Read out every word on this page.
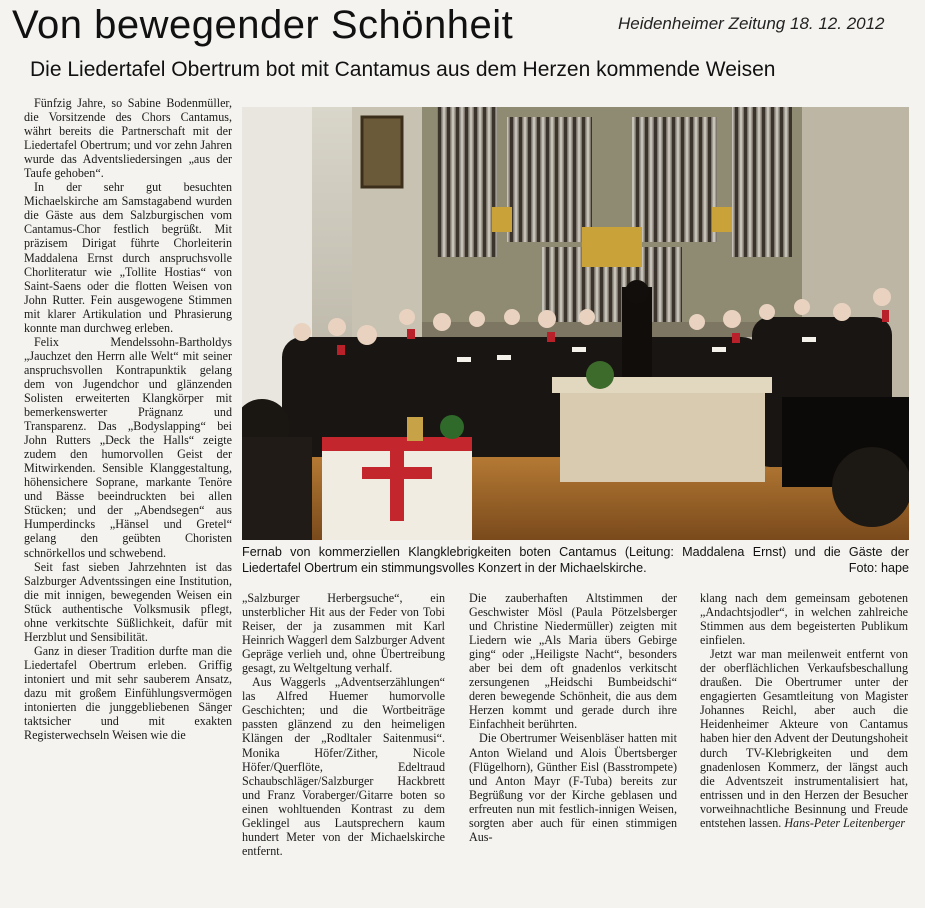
Von bewegender Schönheit	Heidenheimer Zeitung 18. 12. 2012
Die Liedertafel Obertrum bot mit Cantamus aus dem Herzen kommende Weisen

Fünfzig Jahre, so Sabine Bodenmüller, die Vorsitzende des Chors Cantamus, währt bereits die Partnerschaft mit der Liedertafel Obertrum; und vor zehn Jahren wurde das Adventsliedersingen „aus der Taufe gehoben“.

In der sehr gut besuchten Michaelskirche am Samstagabend wurden die Gäste aus dem Salzburgischen vom Cantamus-Chor festlich begrüßt. Mit präzisem Dirigat führte Chorleiterin Maddalena Ernst durch anspruchsvolle Chorliteratur wie „Tollite Hostias“ von Saint-Saens oder die flotten Weisen von John Rutter. Fein ausgewogene Stimmen mit klarer Artikulation und Phrasierung konnte man durchweg erleben.

Felix Mendelssohn-Bartholdys „Jauchzet den Herrn alle Welt“ mit seiner anspruchsvollen Kontrapunktik gelang dem von Jugendchor und glänzenden Solisten erweiterten Klangkörper mit bemerkenswerter Prägnanz und Transparenz. Das „Bodyslapping“ bei John Rutters „Deck the Halls“ zeigte zudem den humorvollen Geist der Mitwirkenden. Sensible Klanggestaltung, höhensichere Soprane, markante Tenöre und Bässe beeindruckten bei allen Stücken; und der „Abendsegen“ aus Humperdincks „Hänsel und Gretel“ gelang den geübten Choristen schnörkellos und schwebend.

Seit fast sieben Jahrzehnten ist das Salzburger Adventssingen eine Institution, die mit innigen, bewegenden Weisen ein Stück authentische Volksmusik pflegt, ohne verkitschte Süßlichkeit, dafür mit Herzblut und Sensibilität.

Ganz in dieser Tradition durfte man die Liedertafel Obertrum erleben. Griffig intoniert und mit sehr sauberem Ansatz, dazu mit großem Einfühlungsvermögen intonierten die junggebliebenen Sänger taktsicher und mit exakten Registerwechseln Weisen wie die

Fernab von kommerziellen Klangklebrigkeiten boten Cantamus (Leitung: Maddalena Ernst) und die Gäste der Liedertafel Obertrum ein stimmungsvolles Konzert in der Michaelskirche.	Foto: hape

„Salzburger Herbergsuche“, ein unsterblicher Hit aus der Feder von Tobi Reiser, der ja zusammen mit Karl Heinrich Waggerl dem Salzburger Advent Gepräge verlieh und, ohne Übertreibung gesagt, zu Weltgeltung verhalf.

Aus Waggerls „Adventserzählungen“ las Alfred Huemer humorvolle Geschichten; und die Wortbeiträge passten glänzend zu den heimeligen Klängen der „Rodltaler Saitenmusi“. Monika Höfer/Zither, Nicole Höfer/Querflöte, Edeltraud Schaubschläger/Salzburger Hackbrett und Franz Voraberger/Gitarre boten so einen wohltuenden Kontrast zu dem Geklingel aus Lautsprechern kaum hundert Meter von der Michaelskirche entfernt.

Die zauberhaften Altstimmen der Geschwister Mösl (Paula Pötzelsberger und Christine Niedermüller) zeigten mit Liedern wie „Als Maria übers Gebirge ging“ oder „Heiligste Nacht“, besonders aber bei dem oft gnadenlos verkitscht zersungenen „Heidschi Bumbeidschi“ deren bewegende Schönheit, die aus dem Herzen kommt und gerade durch ihre Einfachheit berührten.

Die Obertrumer Weisenbläser hatten mit Anton Wieland und Alois Übertsberger (Flügelhorn), Günther Eisl (Basstrompete) und Anton Mayr (F-Tuba) bereits zur Begrüßung vor der Kirche geblasen und erfreuten nun mit festlich-innigen Weisen, sorgten aber auch für einen stimmigen Aus-

klang nach dem gemeinsam gebotenen „Andachtsjodler“, in welchen zahlreiche Stimmen aus dem begeisterten Publikum einfielen.

Jetzt war man meilenweit entfernt von der oberflächlichen Verkaufsbeschallung draußen. Die Obertrumer unter der engagierten Gesamtleitung von Magister Johannes Reichl, aber auch die Heidenheimer Akteure von Cantamus haben hier den Advent der Deutungshoheit durch TV-Klebrigkeiten und dem gnadenlosen Kommerz, der längst auch die Adventszeit instrumentalisiert hat, entrissen und in den Herzen der Besucher vorweihnachtliche Besinnung und Freude entstehen lassen. Hans-Peter Leitenberger
